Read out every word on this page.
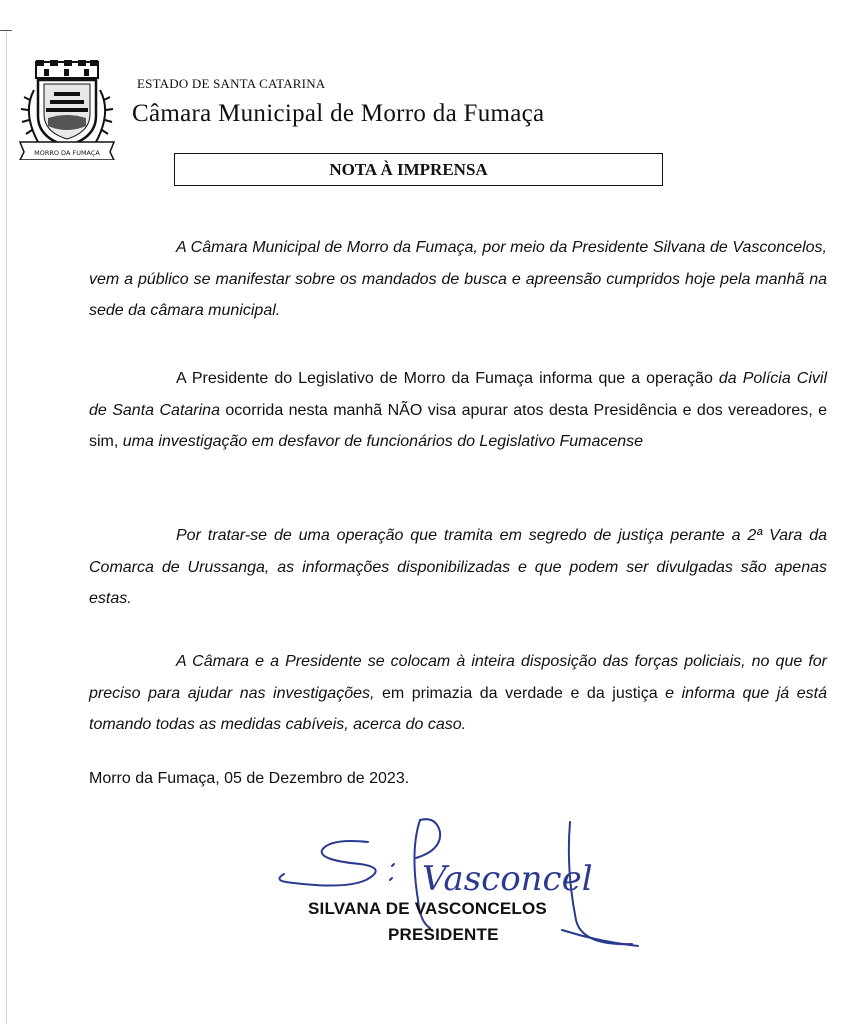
MORRO DA FUMAÇA
ESTADO DE SANTA CATARINA
Câmara Municipal de Morro da Fumaça
NOTA À IMPRENSA

A Câmara Municipal de Morro da Fumaça, por meio da Presidente Silvana de Vasconcelos, vem a público se manifestar sobre os mandados de busca e apreensão cumpridos hoje pela manhã na sede da câmara municipal.

A Presidente do Legislativo de Morro da Fumaça informa que a operação da Polícia Civil de Santa Catarina ocorrida nesta manhã NÃO visa apurar atos desta Presidência e dos vereadores, e sim, uma investigação em desfavor de funcionários do Legislativo Fumacense

Por tratar-se de uma operação que tramita em segredo de justiça perante a 2ª Vara da Comarca de Urussanga, as informações disponibilizadas e que podem ser divulgadas são apenas estas.

A Câmara e a Presidente se colocam à inteira disposição das forças policiais, no que for preciso para ajudar nas investigações, em primazia da verdade e da justiça e informa que já está tomando todas as medidas cabíveis, acerca do caso.

Morro da Fumaça, 05 de Dezembro de 2023.
Vasconcel
SILVANA DE VASCONCELOS
PRESIDENTE
